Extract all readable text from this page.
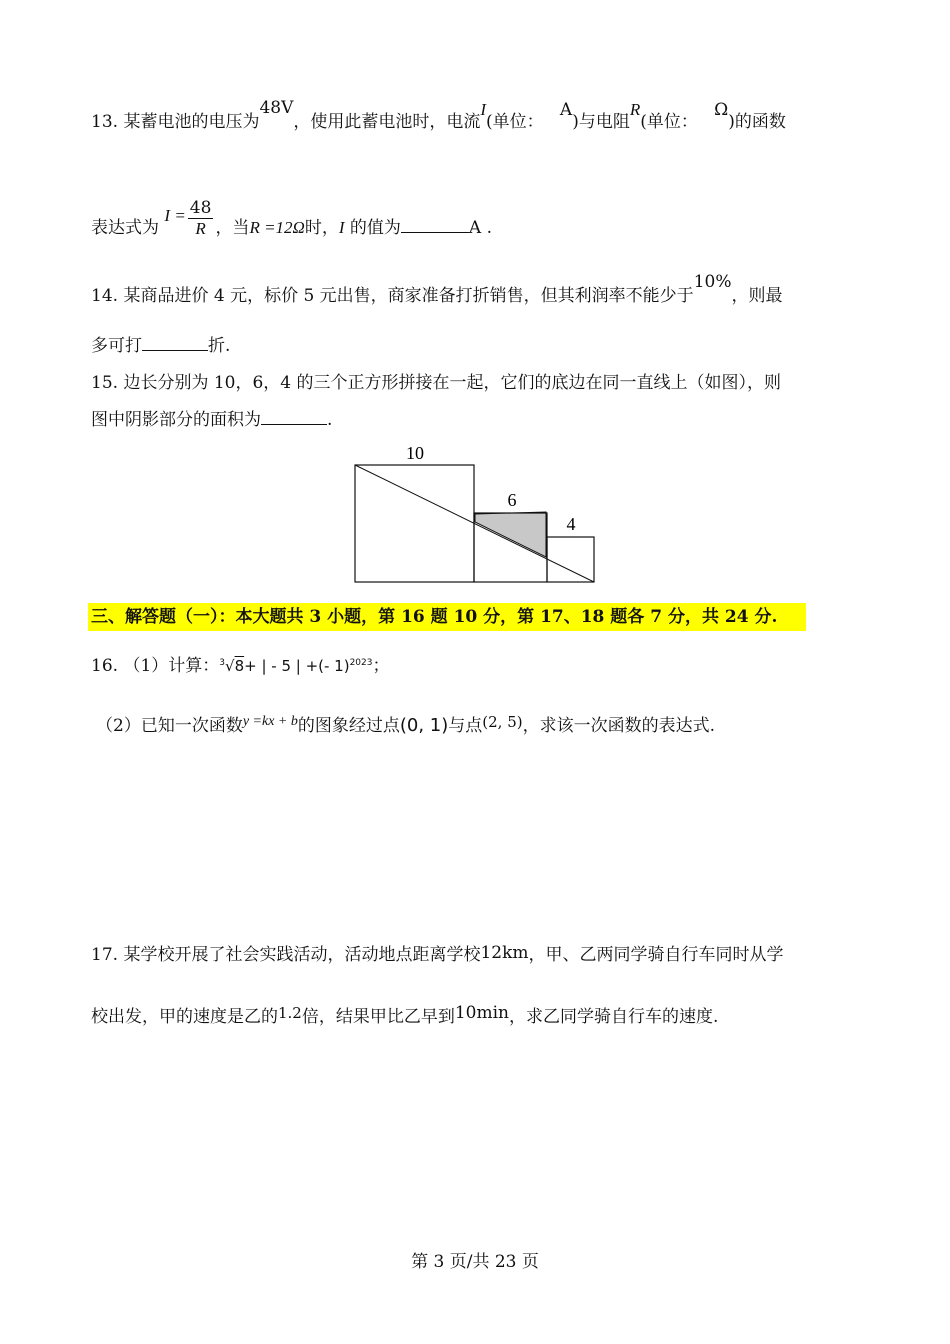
13. 某蓄电池的电压为48V，使用此蓄电池时，电流I(单位：   A)与电阻R(单位：   Ω)的函数
表达式为 $I = \frac{48}{R}$ ，当R =12Ω时，I 的值为	A .
14. 某商品进价 4 元，标价 5 元出售，商家准备打折销售，但其利润率不能少于10%，则最
多可打	折.
15. 边长分别为 10，6，4 的三个正方形拼接在一起，它们的底边在同一直线上（如图），则
图中阴影部分的面积为	.
10
6
4
三、解答题（一）：本大题共 3 小题，第 16 题 10 分，第 17、18 题各 7 分，共 24 分.
16. （1）计算：$^3$√8+ | - 5 | +(- 1)$^{2023}$；
（2）已知一次函数$^{y =kx + b}$的图象经过点(0, 1)与点(2, 5)，求该一次函数的表达式.
17. 某学校开展了社会实践活动，活动地点距离学校12km，甲、乙两同学骑自行车同时从学
校出发，甲的速度是乙的1.2倍，结果甲比乙早到10min，求乙同学骑自行车的速度.
第 3 页/共 23 页
